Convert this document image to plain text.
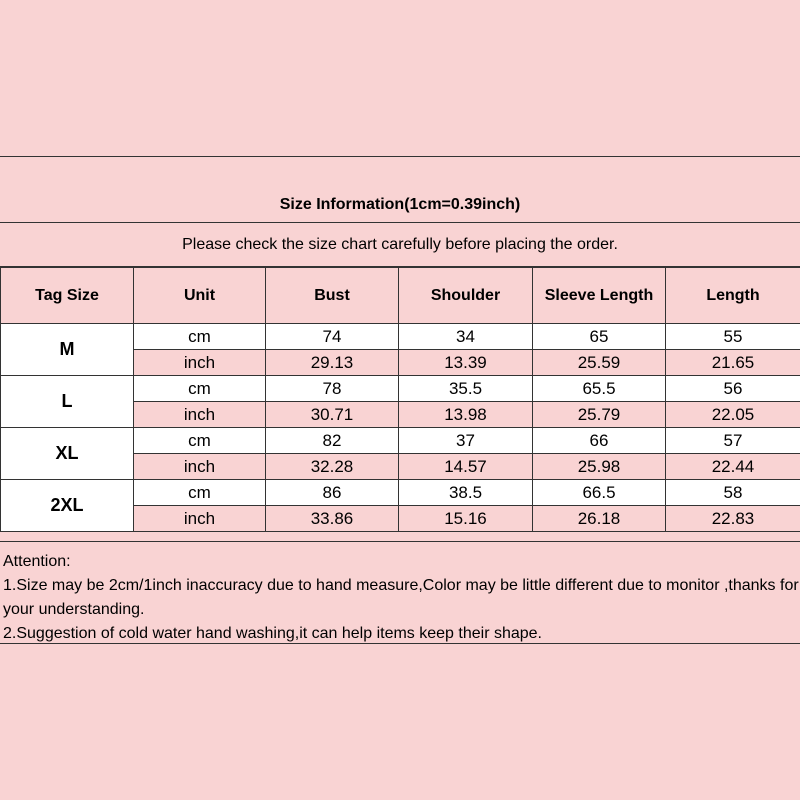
Size Information(1cm=0.39inch)
Please check the size chart carefully before placing the order.
Tag Size	Unit	Bust	Shoulder	Sleeve Length	Length
M	cm	74	34	65	55
	inch	29.13	13.39	25.59	21.65
L	cm	78	35.5	65.5	56
	inch	30.71	13.98	25.79	22.05
XL	cm	82	37	66	57
	inch	32.28	14.57	25.98	22.44
2XL	cm	86	38.5	66.5	58
	inch	33.86	15.16	26.18	22.83
Attention:
1.Size may be 2cm/1inch inaccuracy due to hand measure,Color may be little different due to monitor ,thanks for your understanding.
2.Suggestion of cold water hand washing,it can help items keep their shape.
